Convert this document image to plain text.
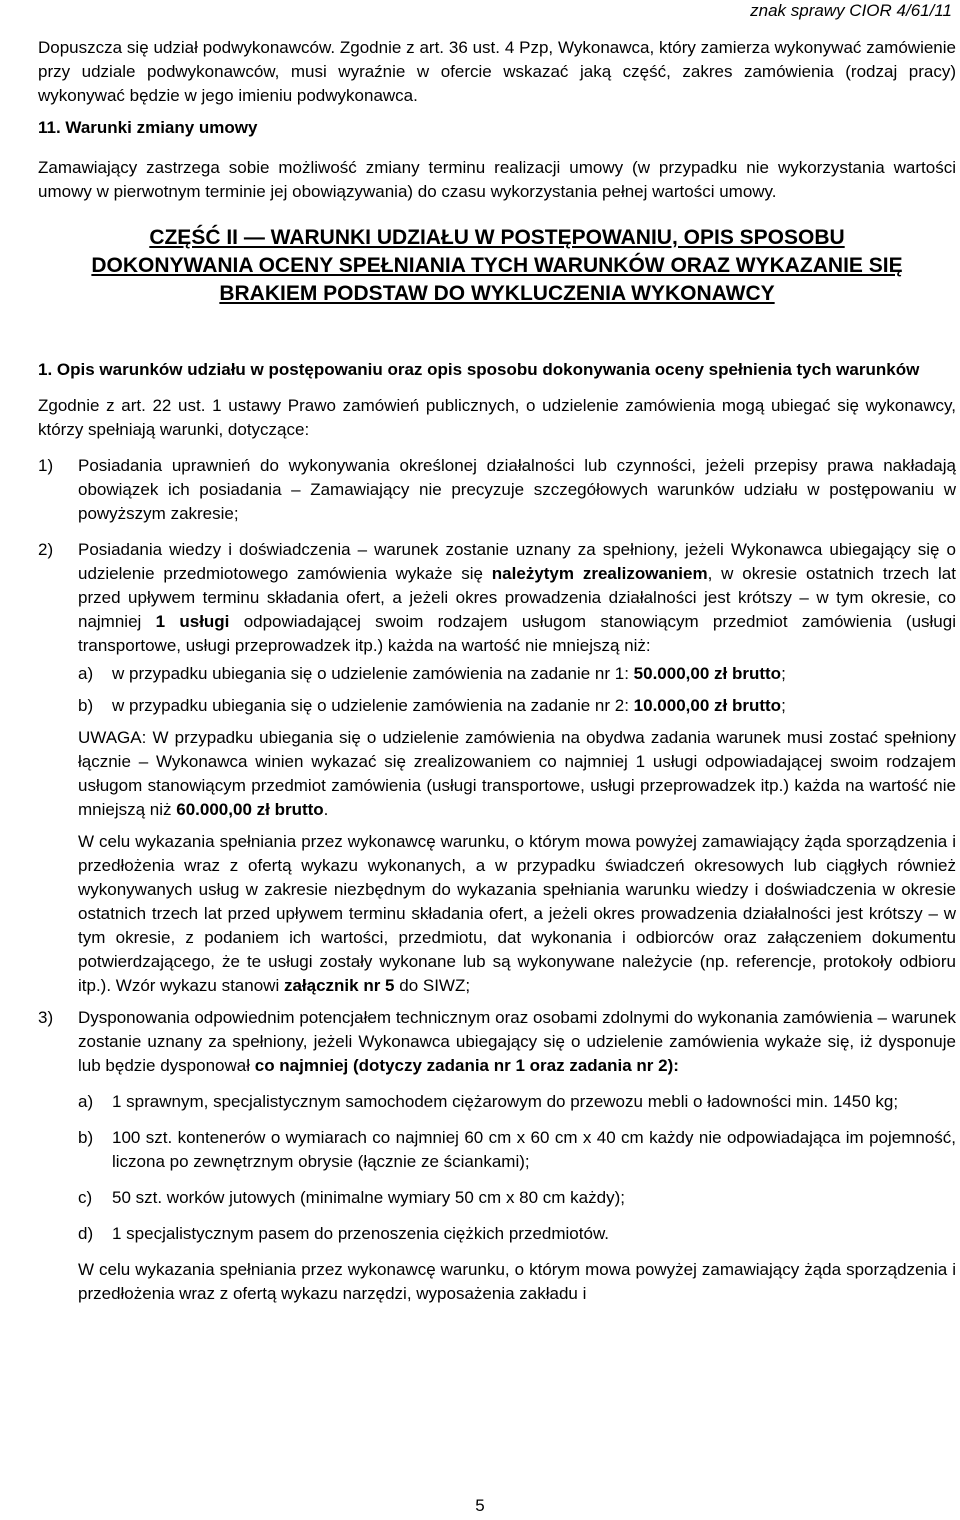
znak sprawy CIOR 4/61/11

Dopuszcza się udział podwykonawców. Zgodnie z art. 36 ust. 4 Pzp, Wykonawca, który zamierza wykonywać zamówienie przy udziale podwykonawców, musi wyraźnie w ofercie wskazać jaką część, zakres zamówienia (rodzaj pracy) wykonywać będzie w jego imieniu podwykonawca.

11. Warunki zmiany umowy

Zamawiający zastrzega sobie możliwość zmiany terminu realizacji umowy (w przypadku nie wykorzystania wartości umowy w pierwotnym terminie jej obowiązywania) do czasu wykorzystania pełnej wartości umowy.

CZĘŚĆ II — WARUNKI UDZIAŁU W POSTĘPOWANIU, OPIS SPOSOBU

DOKONYWANIA OCENY SPEŁNIANIA TYCH WARUNKÓW ORAZ WYKAZANIE SIĘ

BRAKIEM PODSTAW DO WYKLUCZENIA WYKONAWCY

1. Opis warunków udziału w postępowaniu oraz opis sposobu dokonywania oceny spełnienia tych warunków

Zgodnie z art. 22 ust. 1 ustawy Prawo zamówień publicznych, o udzielenie zamówienia mogą ubiegać się wykonawcy, którzy spełniają warunki, dotyczące:

1) Posiadania uprawnień do wykonywania określonej działalności lub czynności, jeżeli przepisy prawa nakładają obowiązek ich posiadania – Zamawiający nie precyzuje szczegółowych warunków udziału w postępowaniu w powyższym zakresie;
2) Posiadania wiedzy i doświadczenia – warunek zostanie uznany za spełniony, jeżeli Wykonawca ubiegający się o udzielenie przedmiotowego zamówienia wykaże się należytym zrealizowaniem, w okresie ostatnich trzech lat przed upływem terminu składania ofert, a jeżeli okres prowadzenia działalności jest krótszy – w tym okresie, co najmniej 1 usługi odpowiadającej swoim rodzajem usługom stanowiącym przedmiot zamówienia (usługi transportowe, usługi przeprowadzek itp.) każda na wartość nie mniejszą niż:
a) w przypadku ubiegania się o udzielenie zamówienia na zadanie nr 1: 50.000,00 zł brutto;
b) w przypadku ubiegania się o udzielenie zamówienia na zadanie nr 2: 10.000,00 zł brutto;

UWAGA: W przypadku ubiegania się o udzielenie zamówienia na obydwa zadania warunek musi zostać spełniony łącznie – Wykonawca winien wykazać się zrealizowaniem co najmniej 1 usługi odpowiadającej swoim rodzajem usługom stanowiącym przedmiot zamówienia (usługi transportowe, usługi przeprowadzek itp.) każda na wartość nie mniejszą niż 60.000,00 zł brutto.

W celu wykazania spełniania przez wykonawcę warunku, o którym mowa powyżej zamawiający żąda sporządzenia i przedłożenia wraz z ofertą wykazu wykonanych, a w przypadku świadczeń okresowych lub ciągłych również wykonywanych usług w zakresie niezbędnym do wykazania spełniania warunku wiedzy i doświadczenia w okresie ostatnich trzech lat przed upływem terminu składania ofert, a jeżeli okres prowadzenia działalności jest krótszy – w tym okresie, z podaniem ich wartości, przedmiotu, dat wykonania i odbiorców oraz załączeniem dokumentu potwierdzającego, że te usługi zostały wykonane lub są wykonywane należycie (np. referencje, protokoły odbioru itp.). Wzór wykazu stanowi załącznik nr 5 do SIWZ;

3) Dysponowania odpowiednim potencjałem technicznym oraz osobami zdolnymi do wykonania zamówienia – warunek zostanie uznany za spełniony, jeżeli Wykonawca ubiegający się o udzielenie zamówienia wykaże się, iż dysponuje lub będzie dysponował co najmniej (dotyczy zadania nr 1 oraz zadania nr 2):
a) 1 sprawnym, specjalistycznym samochodem ciężarowym do przewozu mebli o ładowności min. 1450 kg;
b) 100 szt. kontenerów o wymiarach co najmniej 60 cm x 60 cm x 40 cm każdy nie odpowiadająca im pojemność, liczona po zewnętrznym obrysie (łącznie ze ściankami);
c) 50 szt. worków jutowych (minimalne wymiary 50 cm x 80 cm każdy);
d) 1 specjalistycznym pasem do przenoszenia ciężkich przedmiotów.

W celu wykazania spełniania przez wykonawcę warunku, o którym mowa powyżej zamawiający żąda sporządzenia i przedłożenia wraz z ofertą wykazu narzędzi, wyposażenia zakładu i

5
